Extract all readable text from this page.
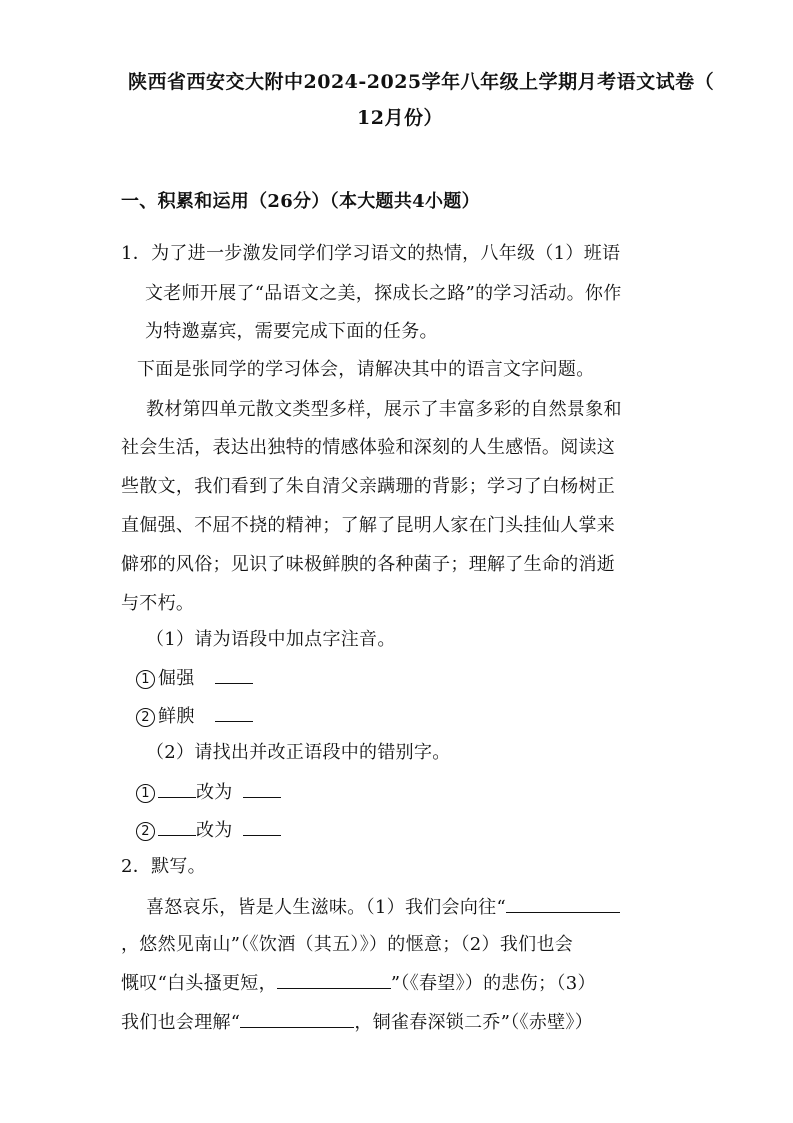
陕西省西安交大附中2024-2025学年八年级上学期月考语文试卷（
12月份）
一、积累和运用（26分）（本大题共4小题）
1．为了进一步激发同学们学习语文的热情，八年级（1）班语
文老师开展了“品语文之美，探成长之路”的学习活动。你作
为特邀嘉宾，需要完成下面的任务。
下面是张同学的学习体会，请解决其中的语言文字问题。
教材第四单元散文类型多样，展示了丰富多彩的自然景象和
社会生活，表达出独特的情感体验和深刻的人生感悟。阅读这
些散文，我们看到了朱自清父亲蹒珊的背影；学习了白杨树正
直倔强、不屈不挠的精神；了解了昆明人家在门头挂仙人掌来
僻邪的风俗；见识了味极鲜腴的各种菌子；理解了生命的消逝
与不朽。
（1）请为语段中加点字注音。
1 倔强
2 鲜腴
（2）请找出并改正语段中的错别字。
1	改为
2	改为
2．默写。
喜怒哀乐，皆是人生滋味。（1）我们会向往“
，悠然见南山”（《饮酒（其五）》）的惬意；（2）我们也会
慨叹“白头搔更短，	”（《春望》）的悲伤；（3）
我们也会理解“	，铜雀春深锁二乔”（《赤壁》）
